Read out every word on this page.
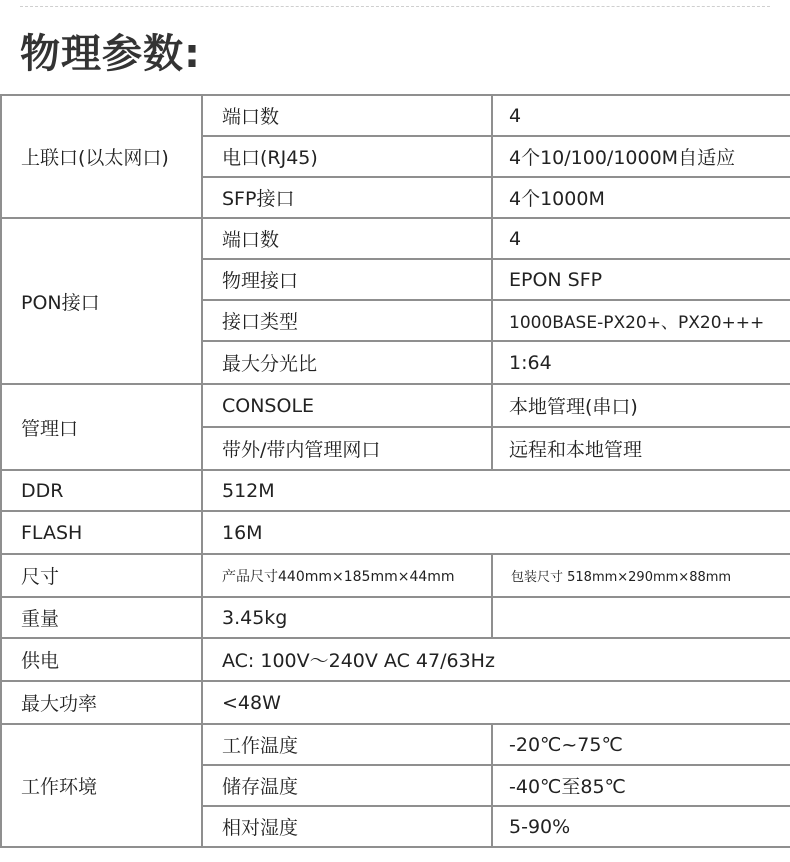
物理参数:
上联口(以太网口)	端口数	4
	电口(RJ45)	4个10/100/1000M自适应
	SFP接口	4个1000M
PON接口	端口数	4
	物理接口	EPON SFP
	接口类型	1000BASE-PX20+、PX20+++
	最大分光比	1:64
管理口	CONSOLE	本地管理(串口)
	带外/带内管理网口	远程和本地管理
DDR	512M	
FLASH	16M	
尺寸	产品尺寸440mm×185mm×44mm	包装尺寸 518mm×290mm×88mm
重量	3.45kg	
供电	AC: 100V～240V AC 47/63Hz	
最大功率	<48W	
工作环境	工作温度	-20℃~75℃
	储存温度	-40℃至85℃
	相对湿度	5-90%
